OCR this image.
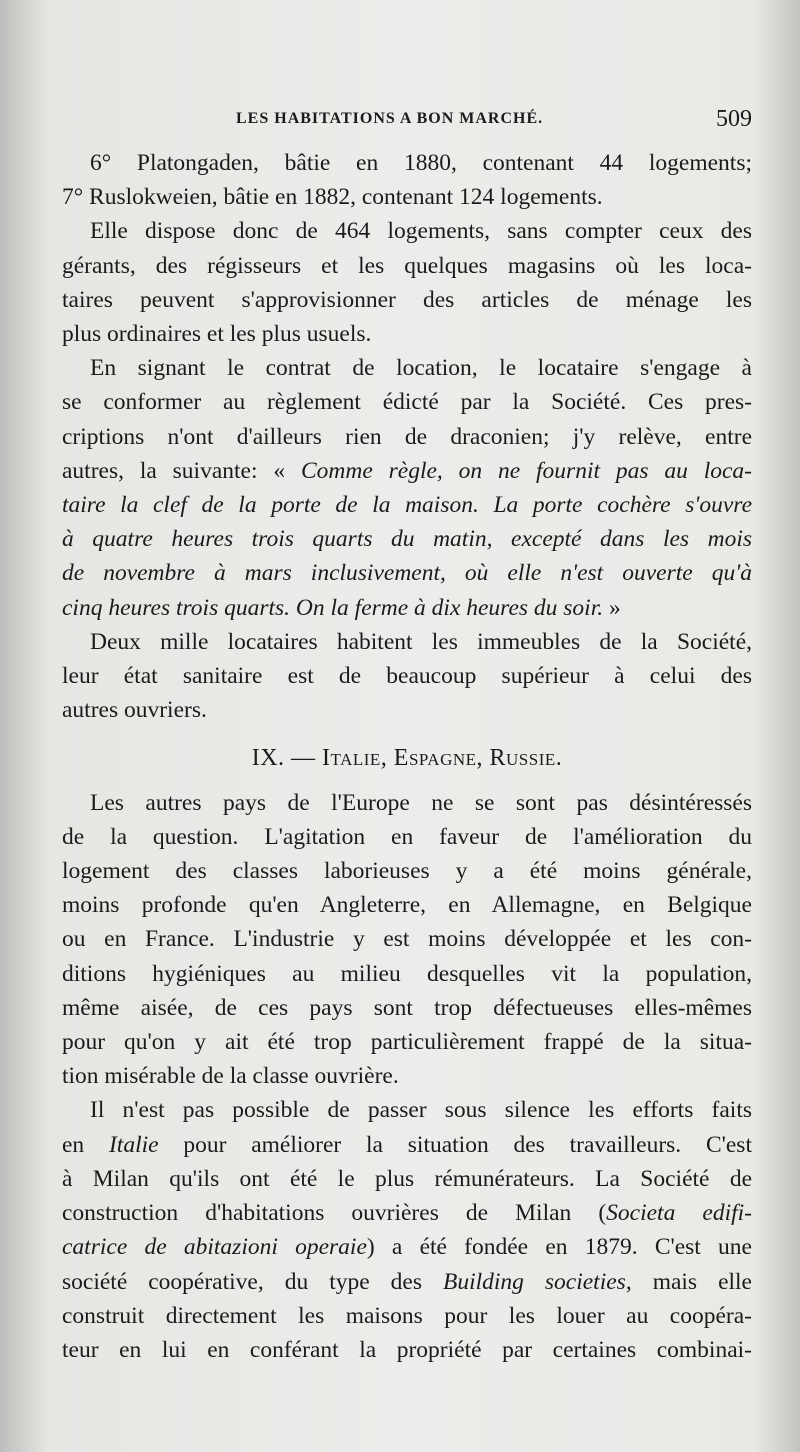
LES HABITATIONS A BON MARCHÉ.	509

6° Platongaden, bâtie en 1880, contenant 44 logements;
7° Ruslokweien, bâtie en 1882, contenant 124 logements.

Elle dispose donc de 464 logements, sans compter ceux des
gérants, des régisseurs et les quelques magasins où les loca-
taires peuvent s'approvisionner des articles de ménage les
plus ordinaires et les plus usuels.

En signant le contrat de location, le locataire s'engage à
se conformer au règlement édicté par la Société. Ces pres-
criptions n'ont d'ailleurs rien de draconien; j'y relève, entre
autres, la suivante: « Comme règle, on ne fournit pas au loca-
taire la clef de la porte de la maison. La porte cochère s'ouvre
à quatre heures trois quarts du matin, excepté dans les mois
de novembre à mars inclusivement, où elle n'est ouverte qu'à
cinq heures trois quarts. On la ferme à dix heures du soir. »

Deux mille locataires habitent les immeubles de la Société,
leur état sanitaire est de beaucoup supérieur à celui des
autres ouvriers.

IX. — Italie, Espagne, Russie.

Les autres pays de l'Europe ne se sont pas désintéressés
de la question. L'agitation en faveur de l'amélioration du
logement des classes laborieuses y a été moins générale,
moins profonde qu'en Angleterre, en Allemagne, en Belgique
ou en France. L'industrie y est moins développée et les con-
ditions hygiéniques au milieu desquelles vit la population,
même aisée, de ces pays sont trop défectueuses elles-mêmes
pour qu'on y ait été trop particulièrement frappé de la situa-
tion misérable de la classe ouvrière.

Il n'est pas possible de passer sous silence les efforts faits
en Italie pour améliorer la situation des travailleurs. C'est
à Milan qu'ils ont été le plus rémunérateurs. La Société de
construction d'habitations ouvrières de Milan (Societa edifi-
catrice de abitazioni operaie) a été fondée en 1879. C'est une
société coopérative, du type des Building societies, mais elle
construit directement les maisons pour les louer au coopéra-
teur en lui en conférant la propriété par certaines combinai-
